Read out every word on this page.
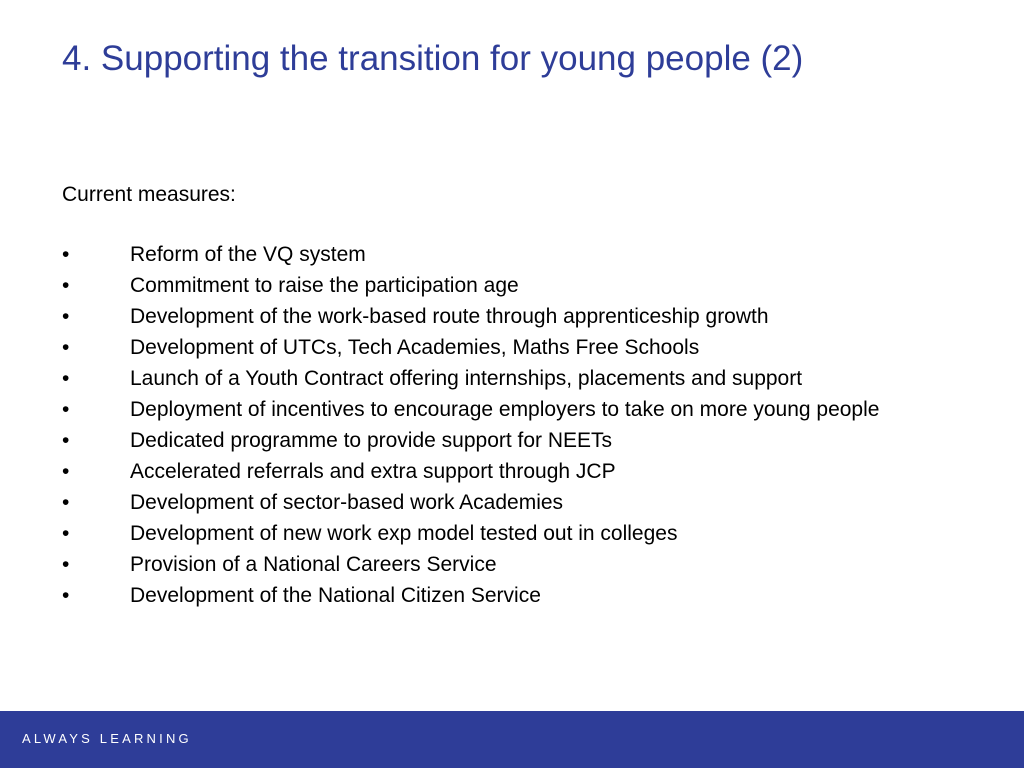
4. Supporting the transition for young people (2)

Current measures:

•	Reform of the VQ system
•	Commitment to raise the participation age
•	Development of the work-based route through apprenticeship growth
•	Development of UTCs, Tech Academies, Maths Free Schools
•	Launch of a Youth Contract offering internships, placements and support
•	Deployment of incentives to encourage employers to take on more young people
•	Dedicated programme to provide support for NEETs
•	Accelerated referrals and extra support through JCP
•	Development of sector-based work Academies
•	Development of new work exp model tested out in colleges
•	Provision of a National Careers Service
•	Development of the National Citizen Service
ALWAYS LEARNING
